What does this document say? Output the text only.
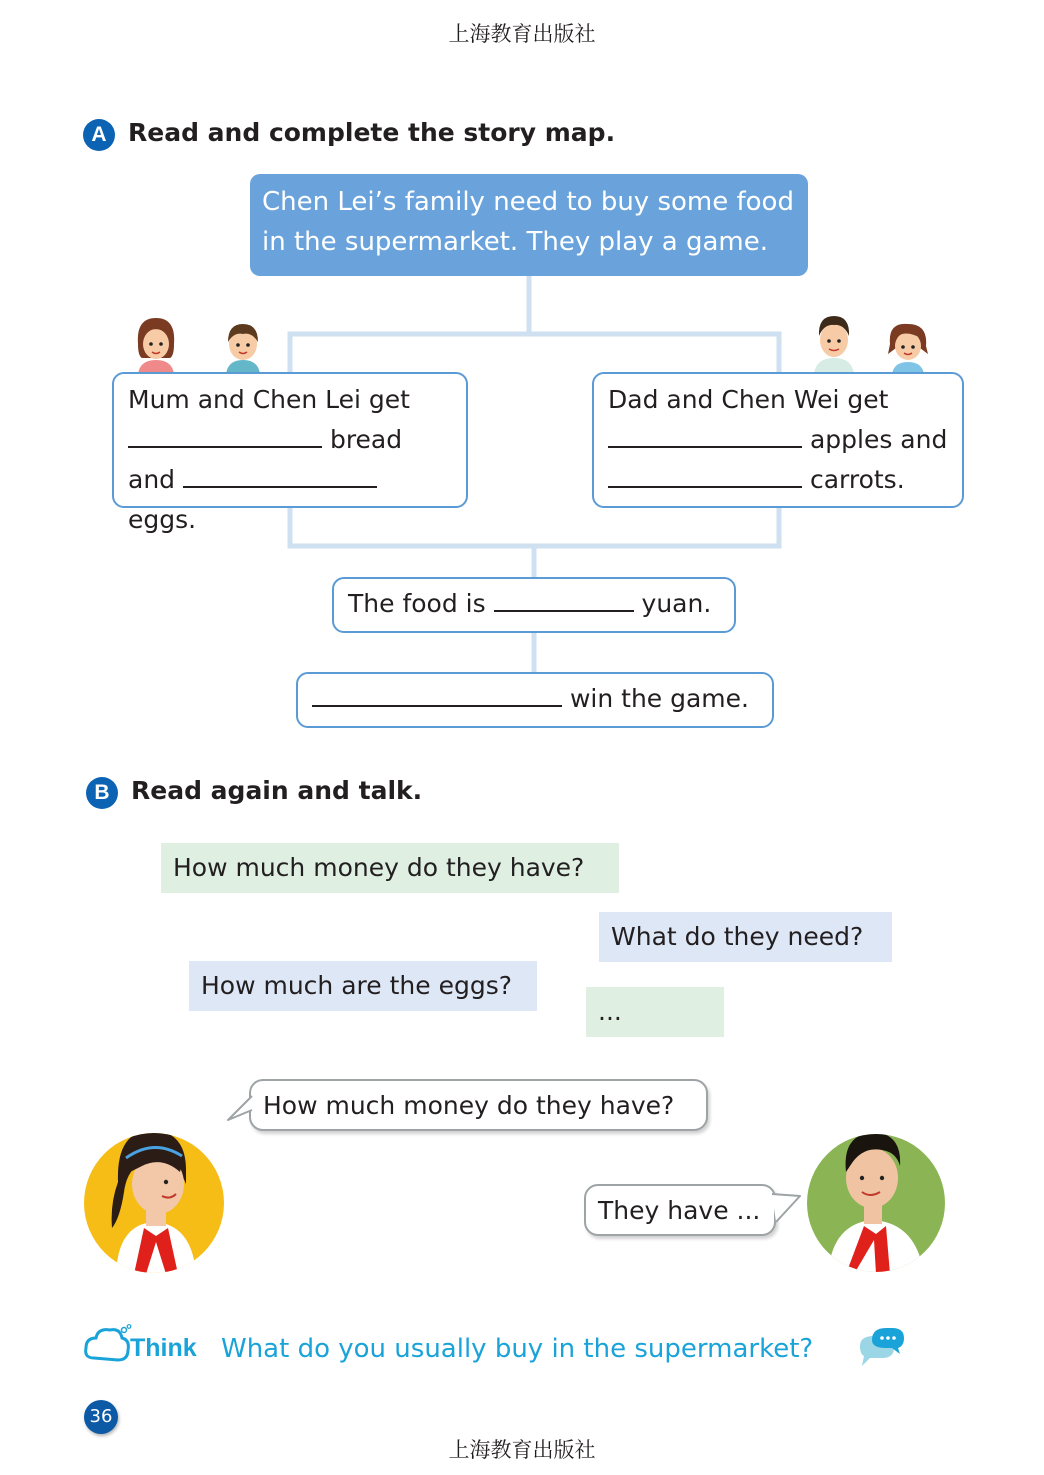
上海教育出版社
A Read and complete the story map.
Chen Lei’s family need to buy some food
in the supermarket. They play a game.
Mum and Chen Lei get
bread
and  eggs.
Dad and Chen Wei get
apples and
carrots.
The food is	yuan.
win the game.
B Read again and talk.
How much money do they have?
What do they need?
How much are the eggs?
...
How much money do they have?
They have ...
Think What do you usually buy in the supermarket?
36
上海教育出版社
